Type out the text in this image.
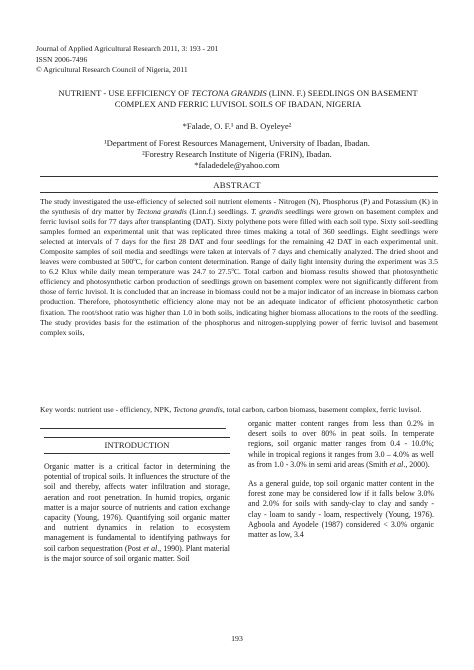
Journal of Applied Agricultural Research 2011, 3: 193 - 201
ISSN 2006-7496
© Agricultural Research Council of Nigeria, 2011
NUTRIENT - USE EFFICIENCY OF TECTONA GRANDIS (LINN. F.) SEEDLINGS ON BASEMENT COMPLEX AND FERRIC LUVISOL SOILS OF IBADAN, NIGERIA
*Falade, O. F.¹ and B. Oyeleye²
¹Department of Forest Resources Management, University of Ibadan, Ibadan.
²Forestry Research Institute of Nigeria (FRIN), Ibadan.
*faladedele@yahoo.com
ABSTRACT
The study investigated the use-efficiency of selected soil nutrient elements - Nitrogen (N), Phosphorus (P) and Potassium (K) in the synthesis of dry matter by Tectona grandis (Linn.f.) seedlings. T. grandis seedlings were grown on basement complex and ferric luvisol soils for 77 days after transplanting (DAT). Sixty polythene pots were filled with each soil type. Sixty soil-seedling samples formed an experimental unit that was replicated three times making a total of 360 seedlings. Eight seedlings were selected at intervals of 7 days for the first 28 DAT and four seedlings for the remaining 42 DAT in each experimental unit. Composite samples of soil media and seedlings were taken at intervals of 7 days and chemically analyzed. The dried shoot and leaves were combusted at 500ºC, for carbon content determination. Range of daily light intensity during the experiment was 3.5 to 6.2 Klux while daily mean temperature was 24.7 to 27.5ºC. Total carbon and biomass results showed that photosynthetic efficiency and photosynthetic carbon production of seedlings grown on basement complex were not significantly different from those of ferric luvisol. It is concluded that an increase in biomass could not be a major indicator of an increase in biomass carbon production. Therefore, photosynthetic efficiency alone may not be an adequate indicator of efficient photosynthetic carbon fixation. The root/shoot ratio was higher than 1.0 in both soils, indicating higher biomass allocations to the roots of the seedling. The study provides basis for the estimation of the phosphorus and nitrogen-supplying power of ferric luvisol and basement complex soils,
Key words: nutrient use - efficiency, NPK, Tectona grandis, total carbon, carbon biomass, basement complex, ferric luvisol.
INTRODUCTION

Organic matter is a critical factor in determining the potential of tropical soils. It influences the structure of the soil and thereby, affects water infiltration and storage, aeration and root penetration. In humid tropics, organic matter is a major source of nutrients and cation exchange capacity (Young, 1976). Quantifying soil organic matter and nutrient dynamics in relation to ecosystem management is fundamental to identifying pathways for soil carbon sequestration (Post et al., 1990). Plant material is the major source of soil organic matter. Soil

organic matter content ranges from less than 0.2% in desert soils to over 80% in peat soils. In temperate regions, soil organic matter ranges from 0.4 - 10.0%; while in tropical regions it ranges from 3.0 – 4.0% as well as from 1.0 - 3.0% in semi arid areas (Smith et al., 2000).

As a general guide, top soil organic matter content in the forest zone may be considered low if it falls below 3.0% and 2.0% for soils with sandy-clay to clay and sandy - clay - loam to sandy - loam, respectively (Young, 1976). Agboola and Ayodele (1987) considered < 3.0% organic matter as low, 3.4

193
